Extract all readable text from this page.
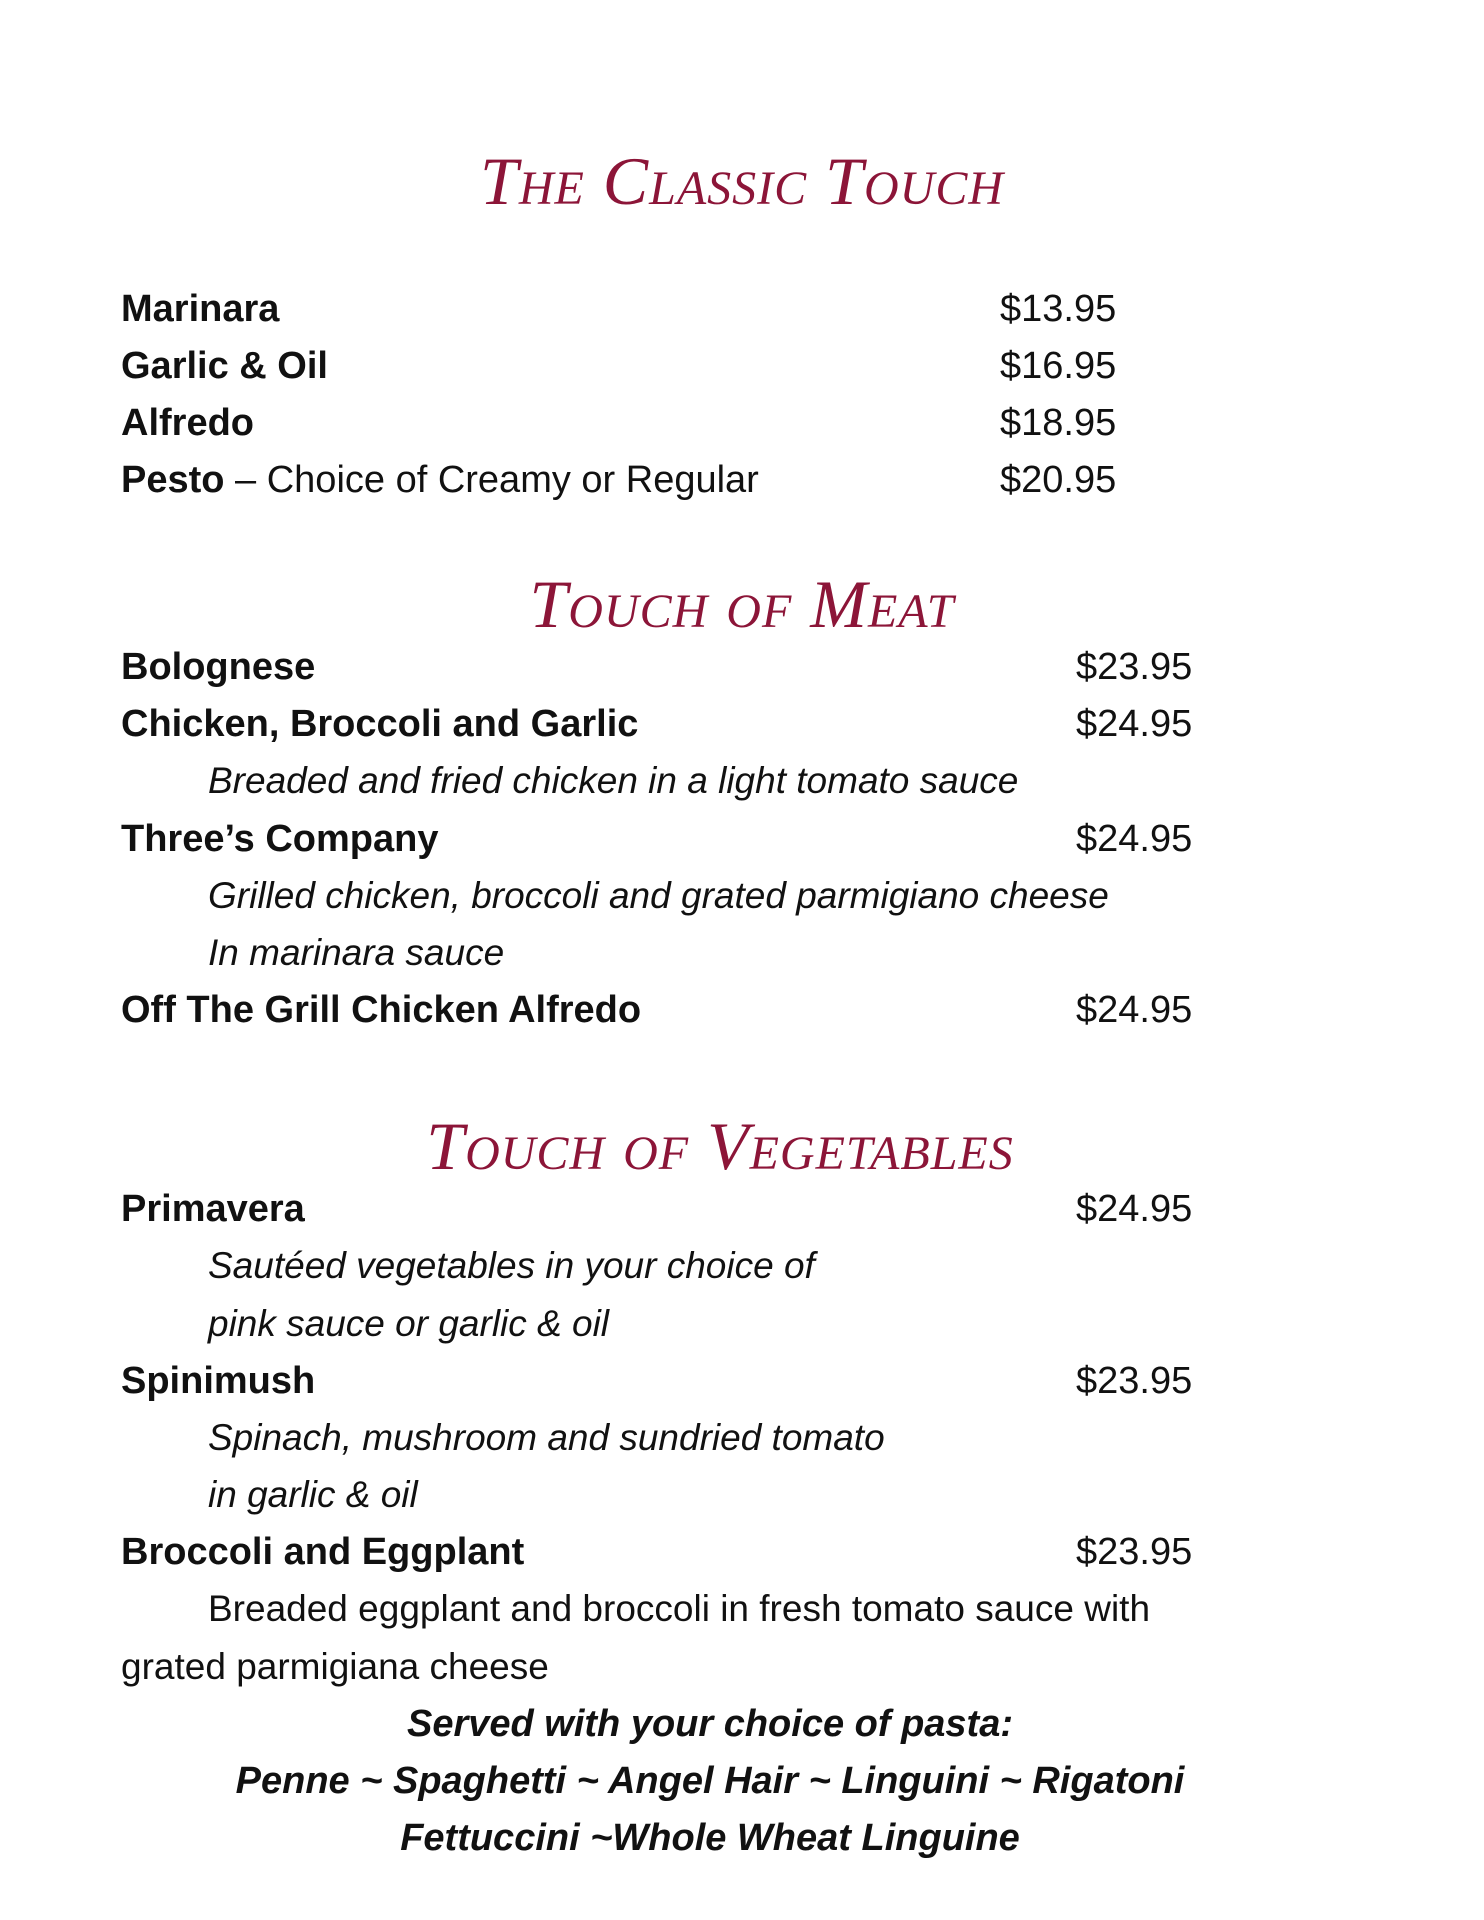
The Classic Touch
Marinara	$13.95
Garlic & Oil	$16.95
Alfredo	$18.95
Pesto – Choice of Creamy or Regular	$20.95
Touch of Meat
Bolognese	$23.95
Chicken, Broccoli and Garlic	$24.95
Breaded and fried chicken in a light tomato sauce
Three’s Company	$24.95
Grilled chicken, broccoli and grated parmigiano cheese
In marinara sauce
Off The Grill Chicken Alfredo	$24.95
Touch of Vegetables
Primavera	$24.95
Sautéed vegetables in your choice of
pink sauce or garlic & oil
Spinimush	$23.95
Spinach, mushroom and sundried tomato
in garlic & oil
Broccoli and Eggplant	$23.95
Breaded eggplant and broccoli in fresh tomato sauce with
grated parmigiana cheese
Served with your choice of pasta:
Penne ~ Spaghetti ~ Angel Hair ~ Linguini ~ Rigatoni
Fettuccini ~Whole Wheat Linguine
